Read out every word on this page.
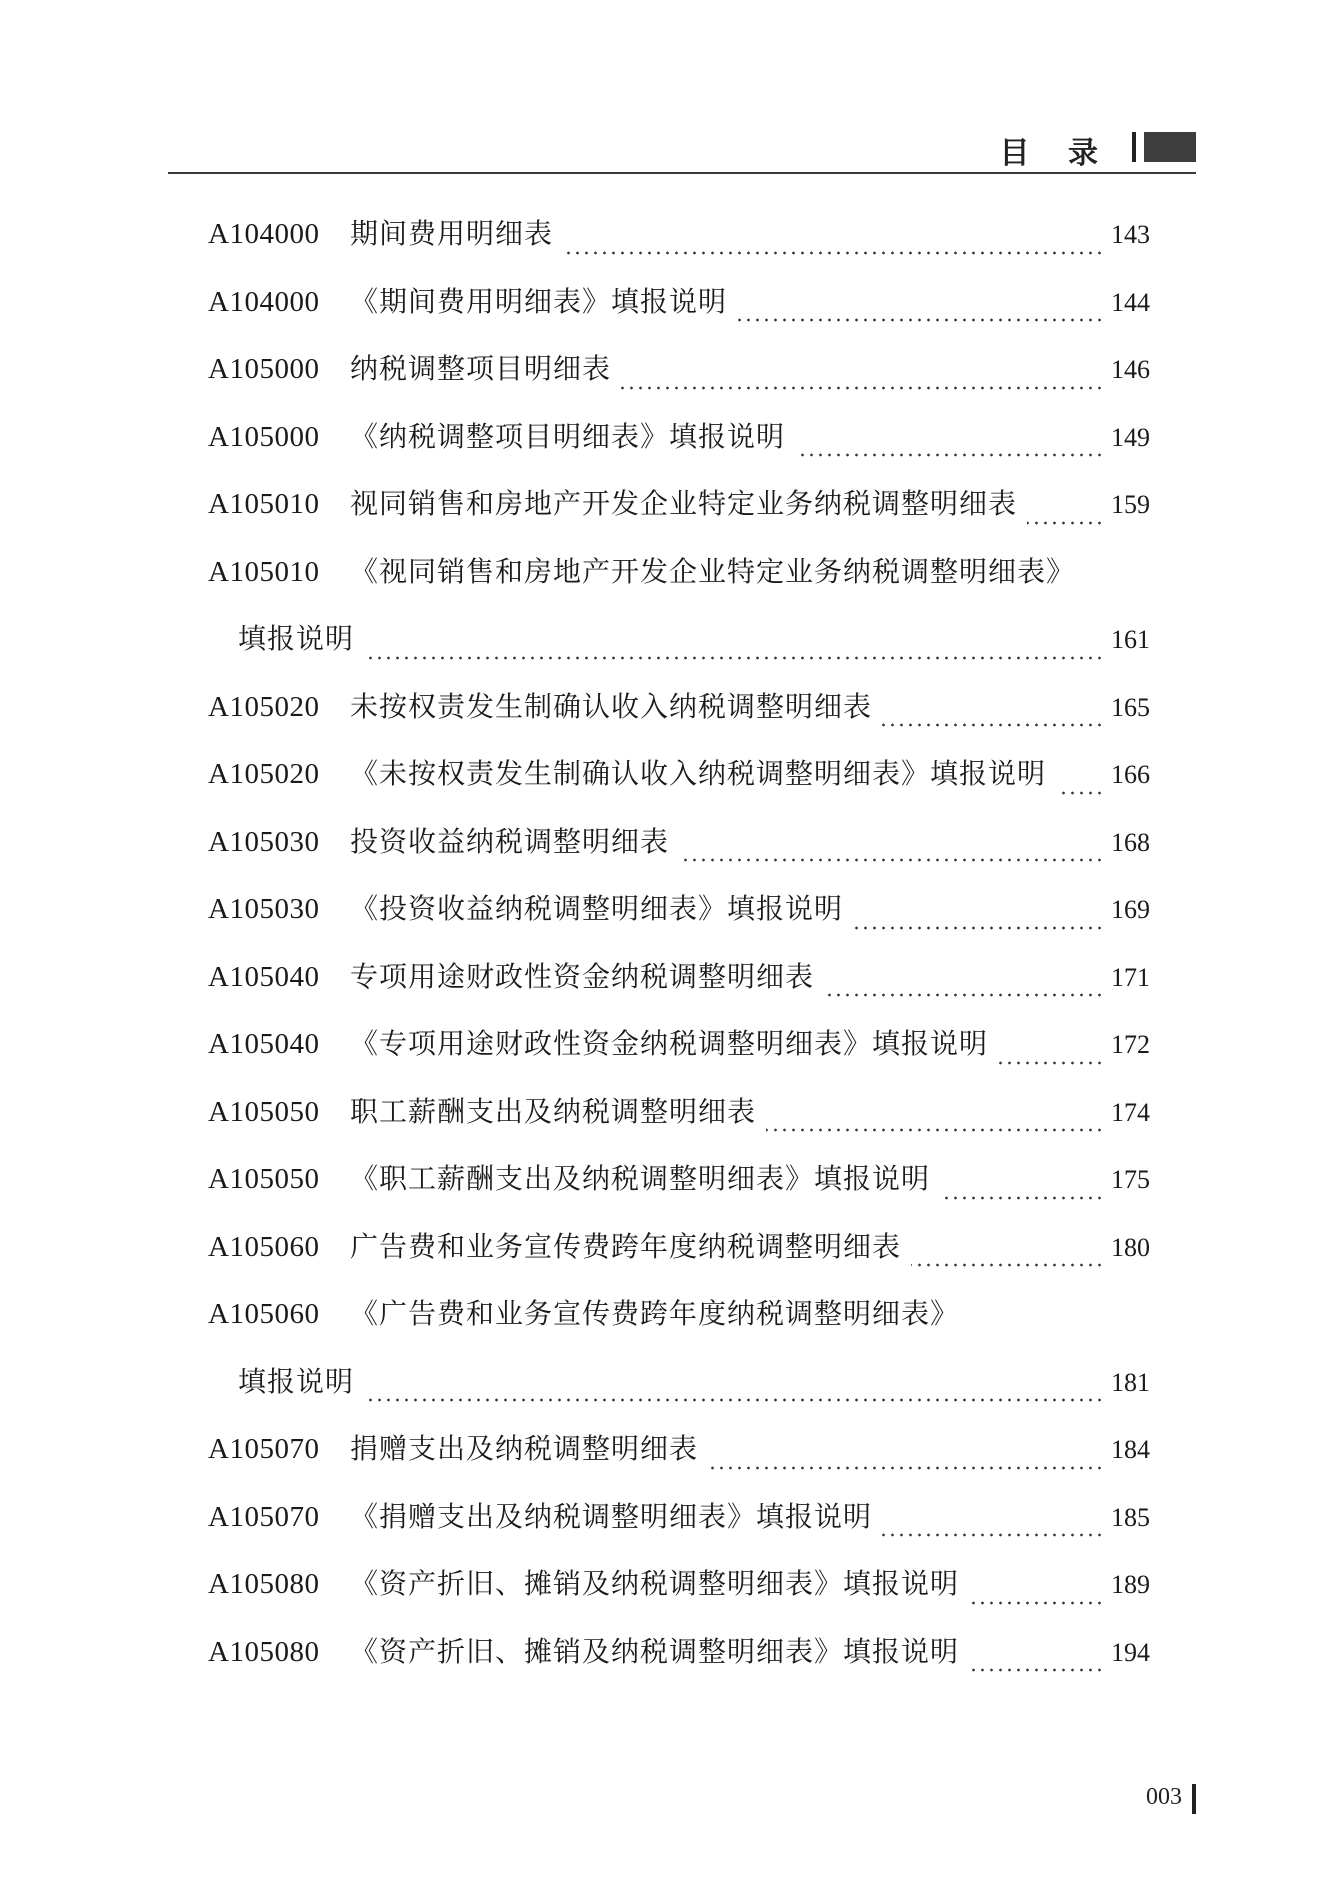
目 录
A104000	期间费用明细表	143
A104000	《期间费用明细表》填报说明	144
A105000	纳税调整项目明细表	146
A105000	《纳税调整项目明细表》填报说明	149
A105010	视同销售和房地产开发企业特定业务纳税调整明细表	159
A105010	《视同销售和房地产开发企业特定业务纳税调整明细表》
填报说明	161
A105020	未按权责发生制确认收入纳税调整明细表	165
A105020	《未按权责发生制确认收入纳税调整明细表》填报说明 166
A105030	投资收益纳税调整明细表	168
A105030	《投资收益纳税调整明细表》填报说明	169
A105040	专项用途财政性资金纳税调整明细表	171
A105040	《专项用途财政性资金纳税调整明细表》填报说明	172
A105050	职工薪酬支出及纳税调整明细表	174
A105050	《职工薪酬支出及纳税调整明细表》填报说明	175
A105060	广告费和业务宣传费跨年度纳税调整明细表	180
A105060	《广告费和业务宣传费跨年度纳税调整明细表》
填报说明	181
A105070	捐赠支出及纳税调整明细表	184
A105070	《捐赠支出及纳税调整明细表》填报说明	185
A105080	《资产折旧、摊销及纳税调整明细表》填报说明	189
A105080	《资产折旧、摊销及纳税调整明细表》填报说明	194
003
